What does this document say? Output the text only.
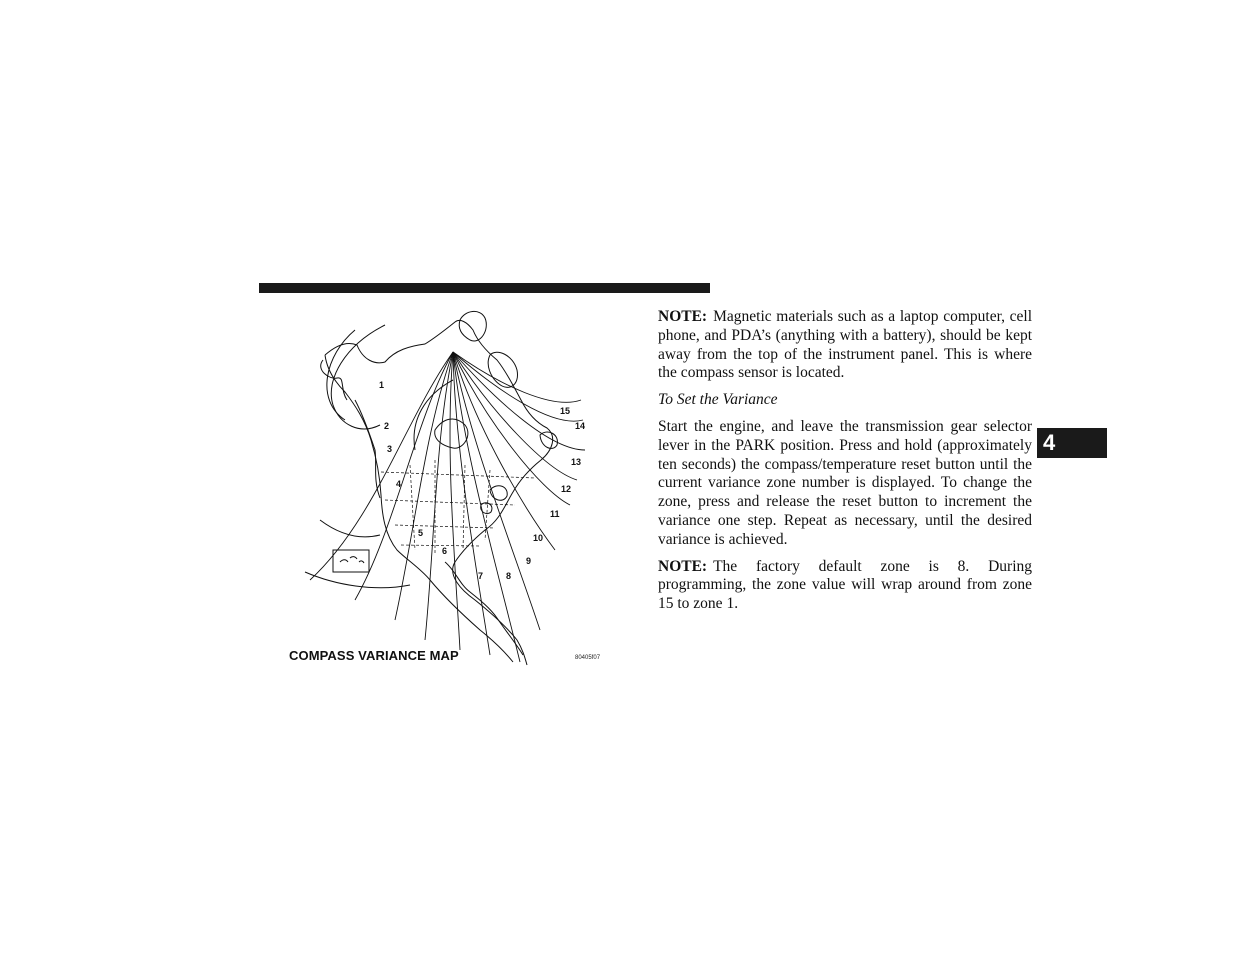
4
1
2
3
4
5
6
7	8
9
10
11
12
13
14
15
COMPASS VARIANCE MAP	80405f07

NOTE: Magnetic materials such as a laptop computer, cell phone, and PDA’s (anything with a battery), should be kept away from the top of the instrument panel. This is where the compass sensor is located.

To Set the Variance

Start the engine, and leave the transmission gear selector lever in the PARK position. Press and hold (approximately ten seconds) the compass/temperature reset button until the current variance zone number is displayed. To change the zone, press and release the reset button to increment the variance one step. Repeat as necessary, until the desired variance is achieved.

NOTE: The factory default zone is 8. During programming, the zone value will wrap around from zone 15 to zone 1.
